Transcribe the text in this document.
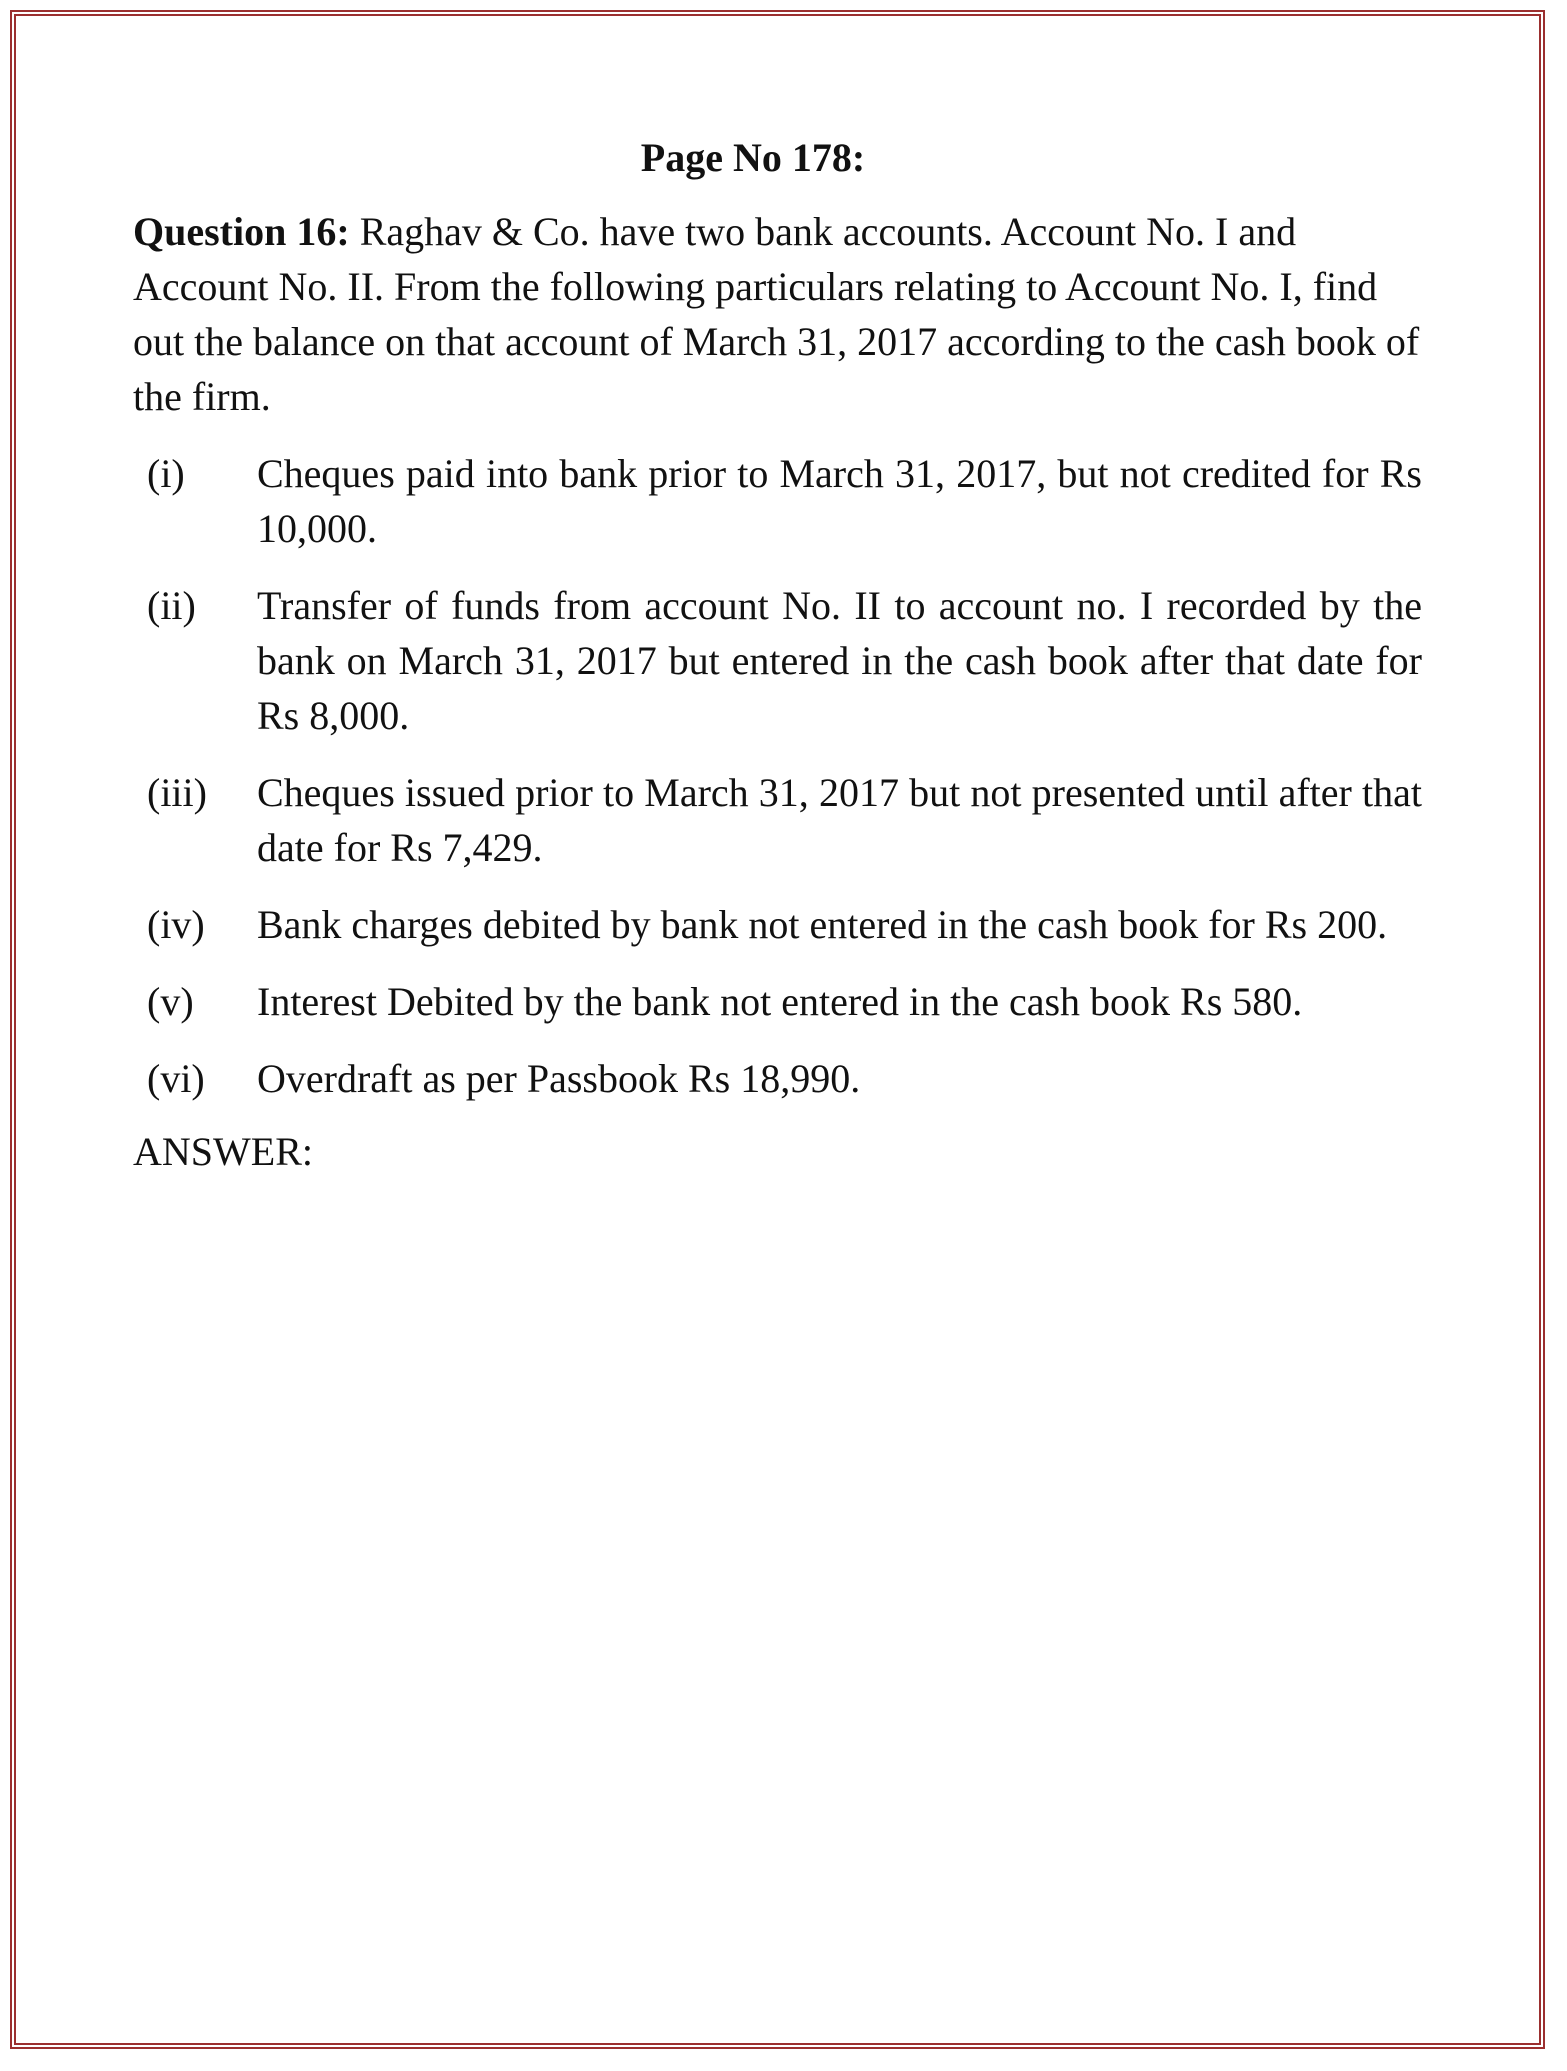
Page No 178:

Question 16: Raghav & Co. have two bank accounts. Account No. I and Account No. II. From the following particulars relating to Account No. I, find out the balance on that account of March 31, 2017 according to the cash book of the firm.

(i)	Cheques paid into bank prior to March 31, 2017, but not credited for Rs 10,000.
(ii)	Transfer of funds from account No. II to account no. I recorded by the bank on March 31, 2017 but entered in the cash book after that date for Rs 8,000.
(iii)	Cheques issued prior to March 31, 2017 but not presented until after that date for Rs 7,429.
(iv)	Bank charges debited by bank not entered in the cash book for Rs 200.
(v)	Interest Debited by the bank not entered in the cash book Rs 580.
(vi)	Overdraft as per Passbook Rs 18,990.
ANSWER:
